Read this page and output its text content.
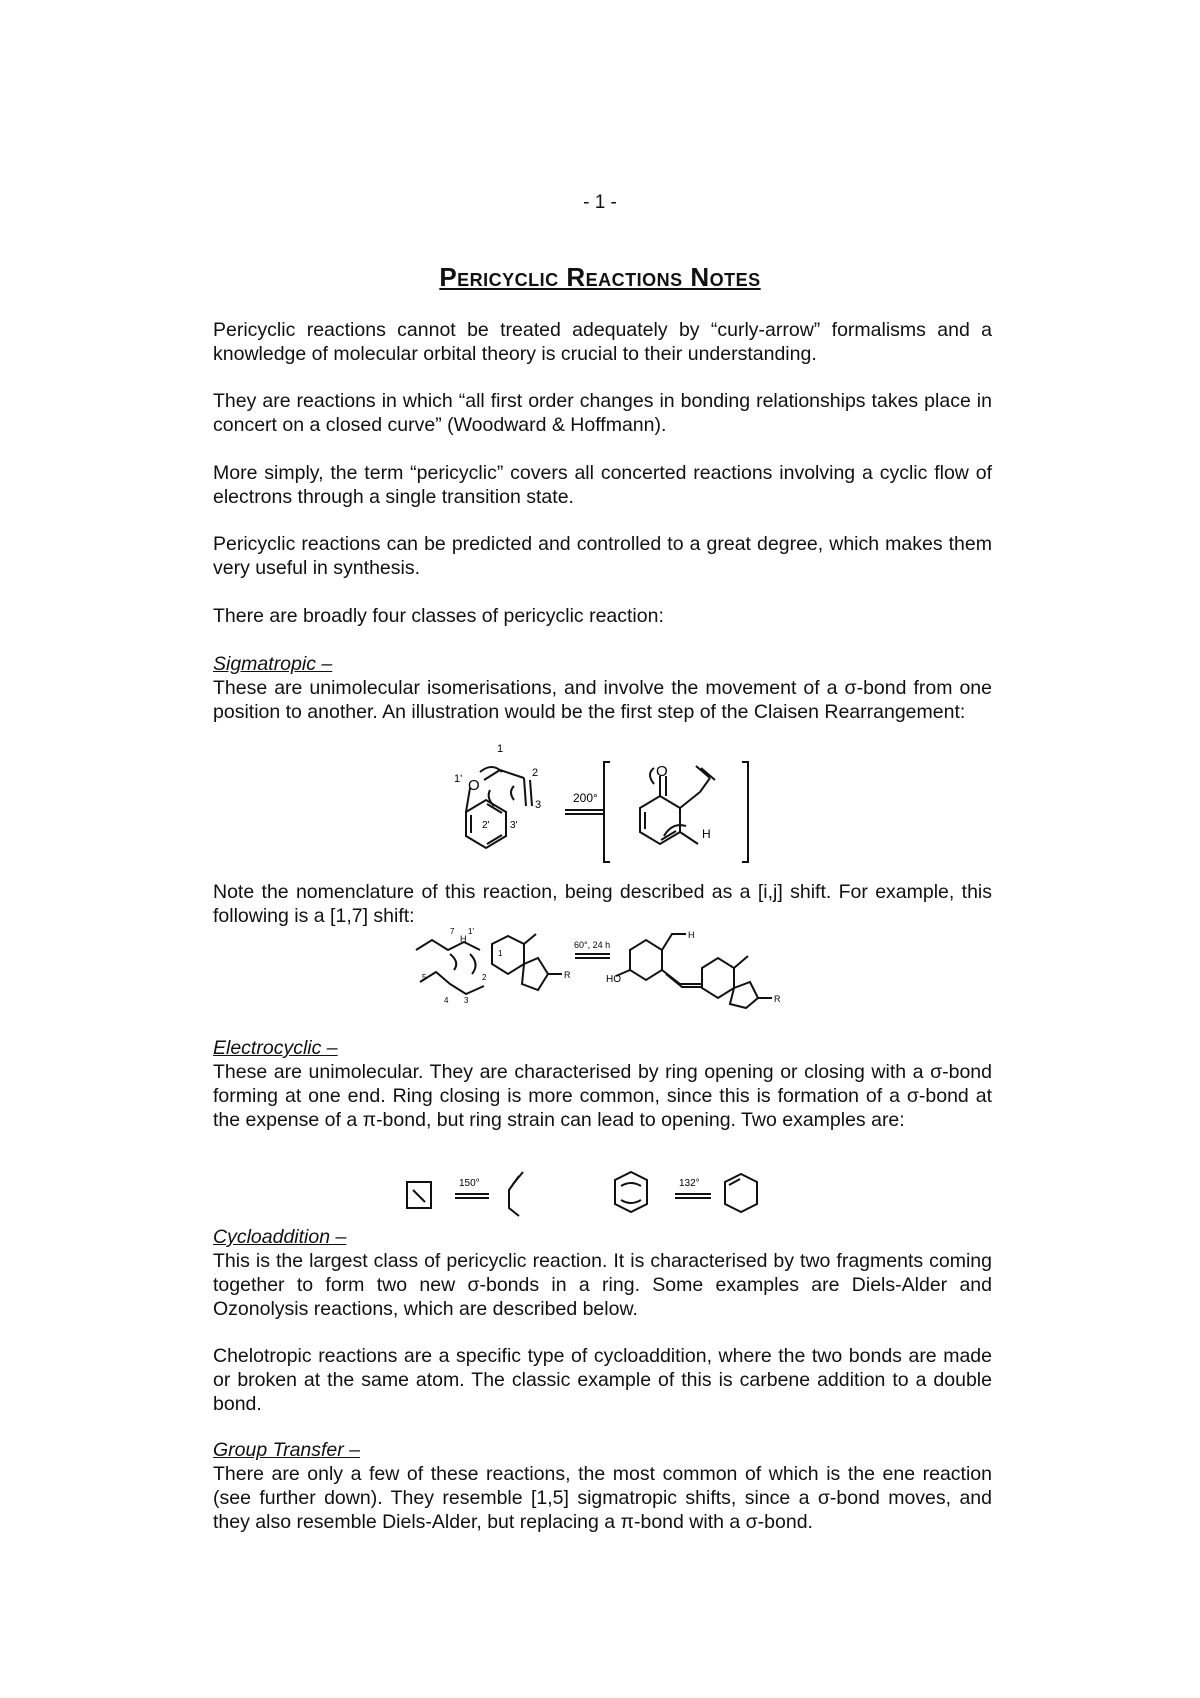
- 1 -
Pericyclic Reactions Notes

Pericyclic reactions cannot be treated adequately by “curly-arrow” formalisms and a knowledge of molecular orbital theory is crucial to their understanding.

They are reactions in which “all first order changes in bonding relationships takes place in concert on a closed curve” (Woodward & Hoffmann).

More simply, the term “pericyclic” covers all concerted reactions involving a cyclic flow of electrons through a single transition state.

Pericyclic reactions can be predicted and controlled to a great degree, which makes them very useful in synthesis.

There are broadly four classes of pericyclic reaction:

Sigmatropic –

These are unimolecular isomerisations, and involve the movement of a σ-bond from one position to another. An illustration would be the first step of the Claisen Rearrangement:

1
2
3
1'
2' 3'
O
O
H
200°

Note the nomenclature of this reaction, being described as a [i,j] shift. For example, this following is a [1,7] shift:

7 1'
H
5	2
1
4 3
R
60°, 24 h
HO
H
R
Electrocyclic –

These are unimolecular. They are characterised by ring opening or closing with a σ-bond forming at one end. Ring closing is more common, since this is formation of a σ-bond at the expense of a π-bond, but ring strain can lead to opening. Two examples are:

150°	132°
Cycloaddition –

This is the largest class of pericyclic reaction. It is characterised by two fragments coming together to form two new σ-bonds in a ring. Some examples are Diels-Alder and Ozonolysis reactions, which are described below.

Chelotropic reactions are a specific type of cycloaddition, where the two bonds are made or broken at the same atom. The classic example of this is carbene addition to a double bond.

Group Transfer –

There are only a few of these reactions, the most common of which is the ene reaction (see further down). They resemble [1,5] sigmatropic shifts, since a σ-bond moves, and they also resemble Diels-Alder, but replacing a π-bond with a σ-bond.
